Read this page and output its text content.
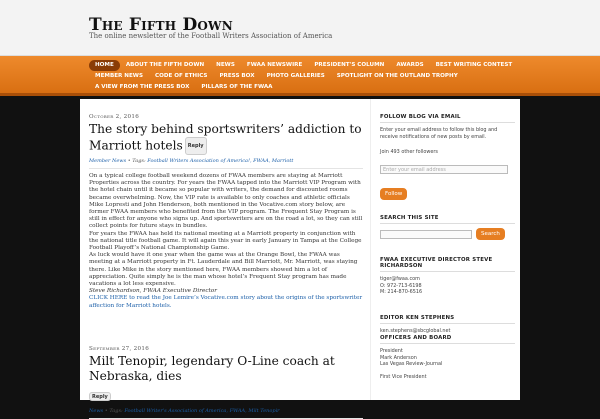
The Fifth Down
The online newsletter of the Football Writers Association of America
HOME	ABOUT THE FIFTH DOWN	NEWS	FWAA NEWSWIRE	PRESIDENT'S COLUMN	AWARDS	BEST WRITING CONTEST
MEMBER NEWS	CODE OF ETHICS	PRESS BOX	PHOTO GALLERIES	SPOTLIGHT ON THE OUTLAND TROPHY
A VIEW FROM THE PRESS BOX	PILLARS OF THE FWAA
October 2, 2016
The story behind sportswriters’ addiction to Marriott hotels Reply
Member News • Tags: Football Writers Association of America!, FWAA, Marriott

On a typical college football weekend dozens of FWAA members are staying at Marriott Properties across the country. For years the FWAA tapped into the Marriott VIP Program with the hotel chain until it became so popular with writers, the demand for discounted rooms became overwhelming. Now, the VIP rate is available to only coaches and athletic officials Mike Lopresti and John Henderson, both mentioned in the Vocative.com story below, are former FWAA members who benefited from the VIP program. The Frequent Stay Program is still in effect for anyone who signs up. And sportswriters are on the road a lot, so they can still collect points for future stays in bundles.

For years the FWAA has held its national meeting at a Marriott property in conjunction with the national title football game. It will again this year in early January in Tampa at the College Football Playoff’s National Championship Game.

As luck would have it one year when the game was at the Orange Bowl, the FWAA was meeting at a Marriott property in Ft. Lauderdale and Bill Marriott, Mr. Marriott, was staying there. Like Mike in the story mentioned here, FWAA members showed him a lot of appreciation. Quite simply he is the man whose hotel’s Frequent Stay program has made vacations a lot less expensive.

Steve Richardson, FWAA Executive Director

CLICK HERE to read the Joe Lemire’s Vocative.com story about the origins of the sportswriter affection for Marriott hotels.

September 27, 2016
Milt Tenopir, legendary O-Line coach at Nebraska, dies
Reply
News • Tags: Football Writer's Association of America, FWAA, Milt Tenopir
FOLLOW BLOG VIA EMAIL
Enter your email address to follow this blog and receive notifications of new posts by email.
Join 493 other followers
Enter your email address
Follow
SEARCH THIS SITE
Search
FWAA EXECUTIVE DIRECTOR STEVE RICHARDSON
tiger@fwaa.com
O: 972-713-6198
M: 214-870-6516
EDITOR KEN STEPHENS
ken.stephens@sbcglobal.net
OFFICERS AND BOARD
President
Mark Anderson
Las Vegas Review-Journal
First Vice President
